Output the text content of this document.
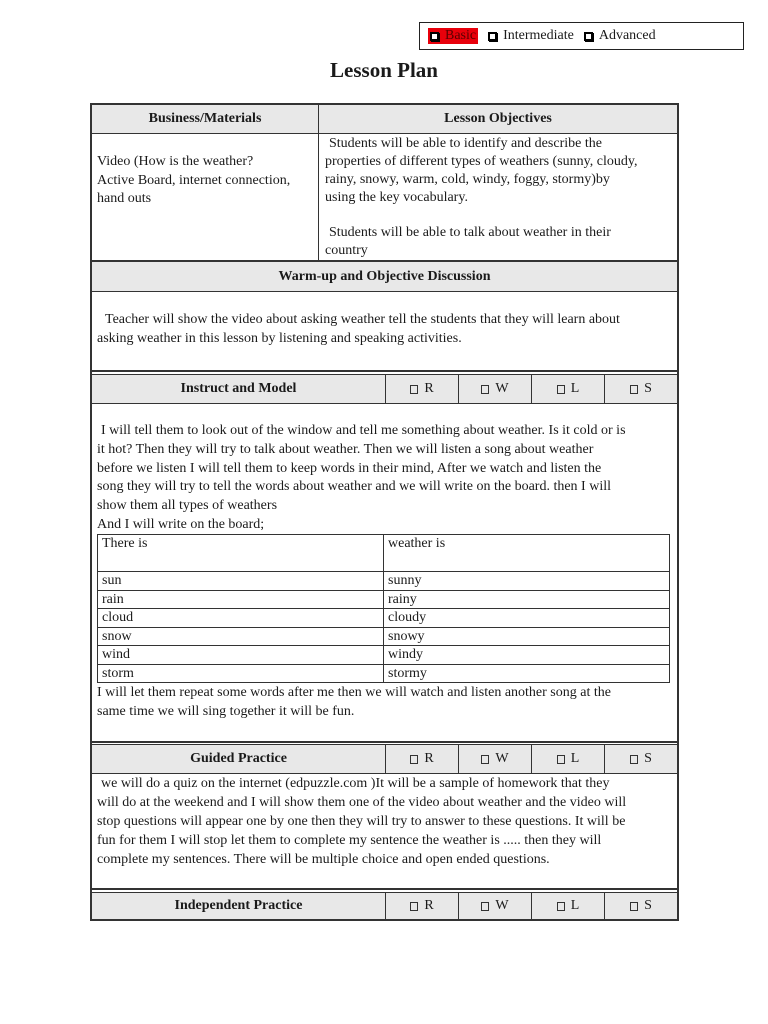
Basic Intermediate Advanced
Lesson Plan
Business/Materials	Lesson Objectives
Video (How is the weather?
Active Board, internet connection,
hand outs
Students will be able to identify and describe the
properties of different types of weathers (sunny, cloudy,
rainy, snowy, warm, cold, windy, foggy, stormy)by
using the key vocabulary.
Students will be able to talk about weather in their
country
Warm-up and Objective Discussion
Teacher will show the video about asking weather tell the students that they will learn about
asking weather in this lesson by listening and speaking activities.
Instruct and Model	R	W	L	S
I will tell them to look out of the window and tell me something about weather. Is it cold or is
it hot? Then they will try to talk about weather. Then we will listen a song about weather
before we listen I will tell them to keep words in their mind, After we watch and listen the
song they will try to tell the words about weather and we will write on the board. then I will
show them all types of weathers
And I will write on the board;
There is	weather is
sun	sunny
rain	rainy
cloud	cloudy
snow	snowy
wind	windy
storm	stormy
I will let them repeat some words after me then we will watch and listen another song at the
same time we will sing together it will be fun.
Guided Practice	R	W	L	S
we will do a quiz on the internet (edpuzzle.com )It will be a sample of homework that they
will do at the weekend and I will show them one of the video about weather and the video will
stop questions will appear one by one then they will try to answer to these questions. It will be
fun for them I will stop let them to complete my sentence the weather is ..... then they will
complete my sentences. There will be multiple choice and open ended questions.
Independent Practice	R	W	L	S
